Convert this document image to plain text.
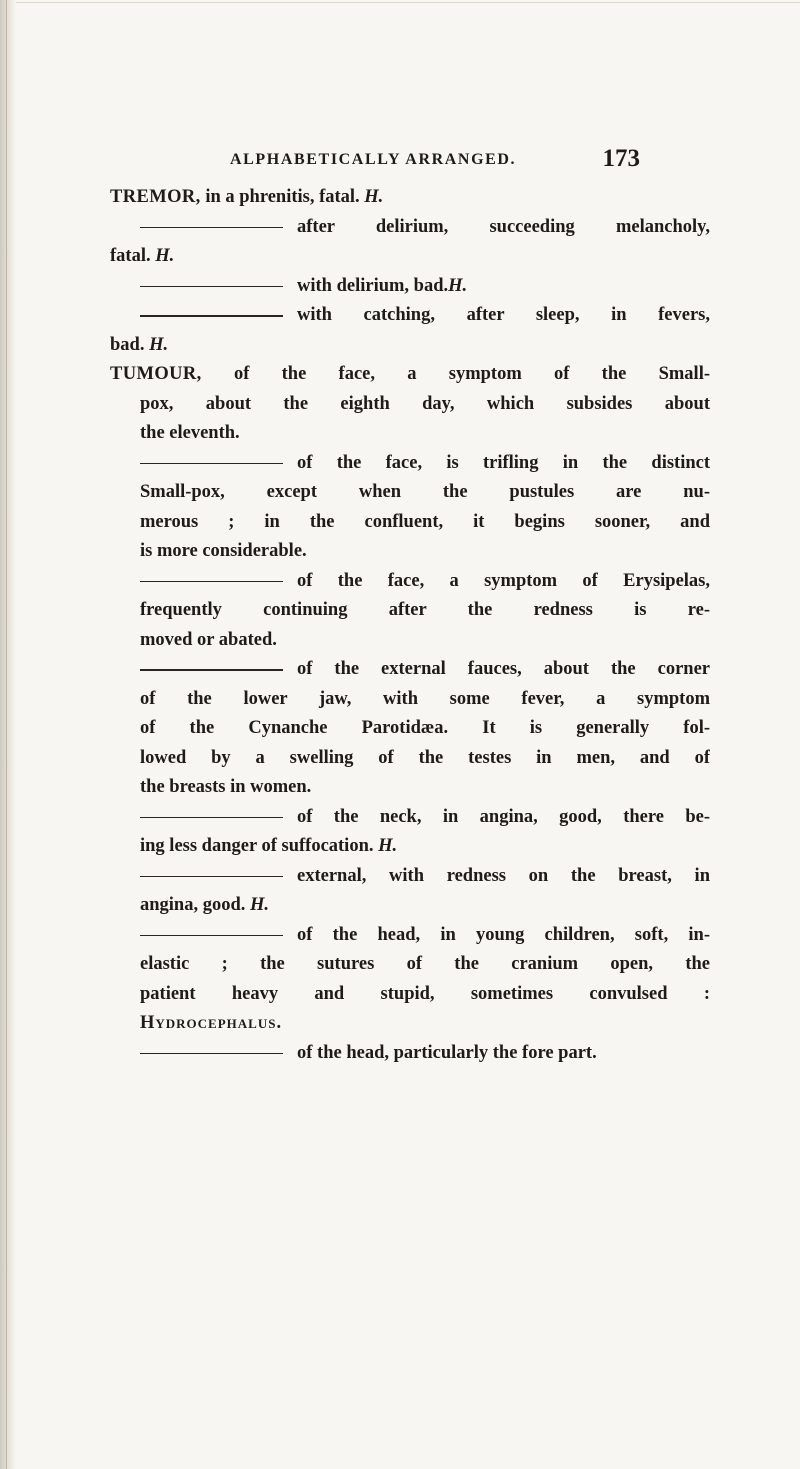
ALPHABETICALLY ARRANGED.	173
TREMOR, in a phrenitis, fatal. H.
after delirium, succeeding melancholy,
fatal. H.
with delirium, bad. H.
with catching, after sleep, in fevers,
bad. H.
TUMOUR, of the face, a symptom of the Small-
pox, about the eighth day, which subsides about
the eleventh.
of the face, is trifling in the distinct
Small-pox, except when the pustules are nu-
merous ; in the confluent, it begins sooner, and
is more considerable.
of the face, a symptom of Erysipelas,
frequently continuing after the redness is re-
moved or abated.
of the external fauces, about the corner
of the lower jaw, with some fever, a symptom
of the Cynanche Parotidæa. It is generally fol-
lowed by a swelling of the testes in men, and of
the breasts in women.
of the neck, in angina, good, there be-
ing less danger of suffocation. H.
external, with redness on the breast, in
angina, good. H.
of the head, in young children, soft, in-
elastic ; the sutures of the cranium open, the
patient heavy and stupid, sometimes convulsed :
Hydrocephalus.
of the head, particularly the fore part.
